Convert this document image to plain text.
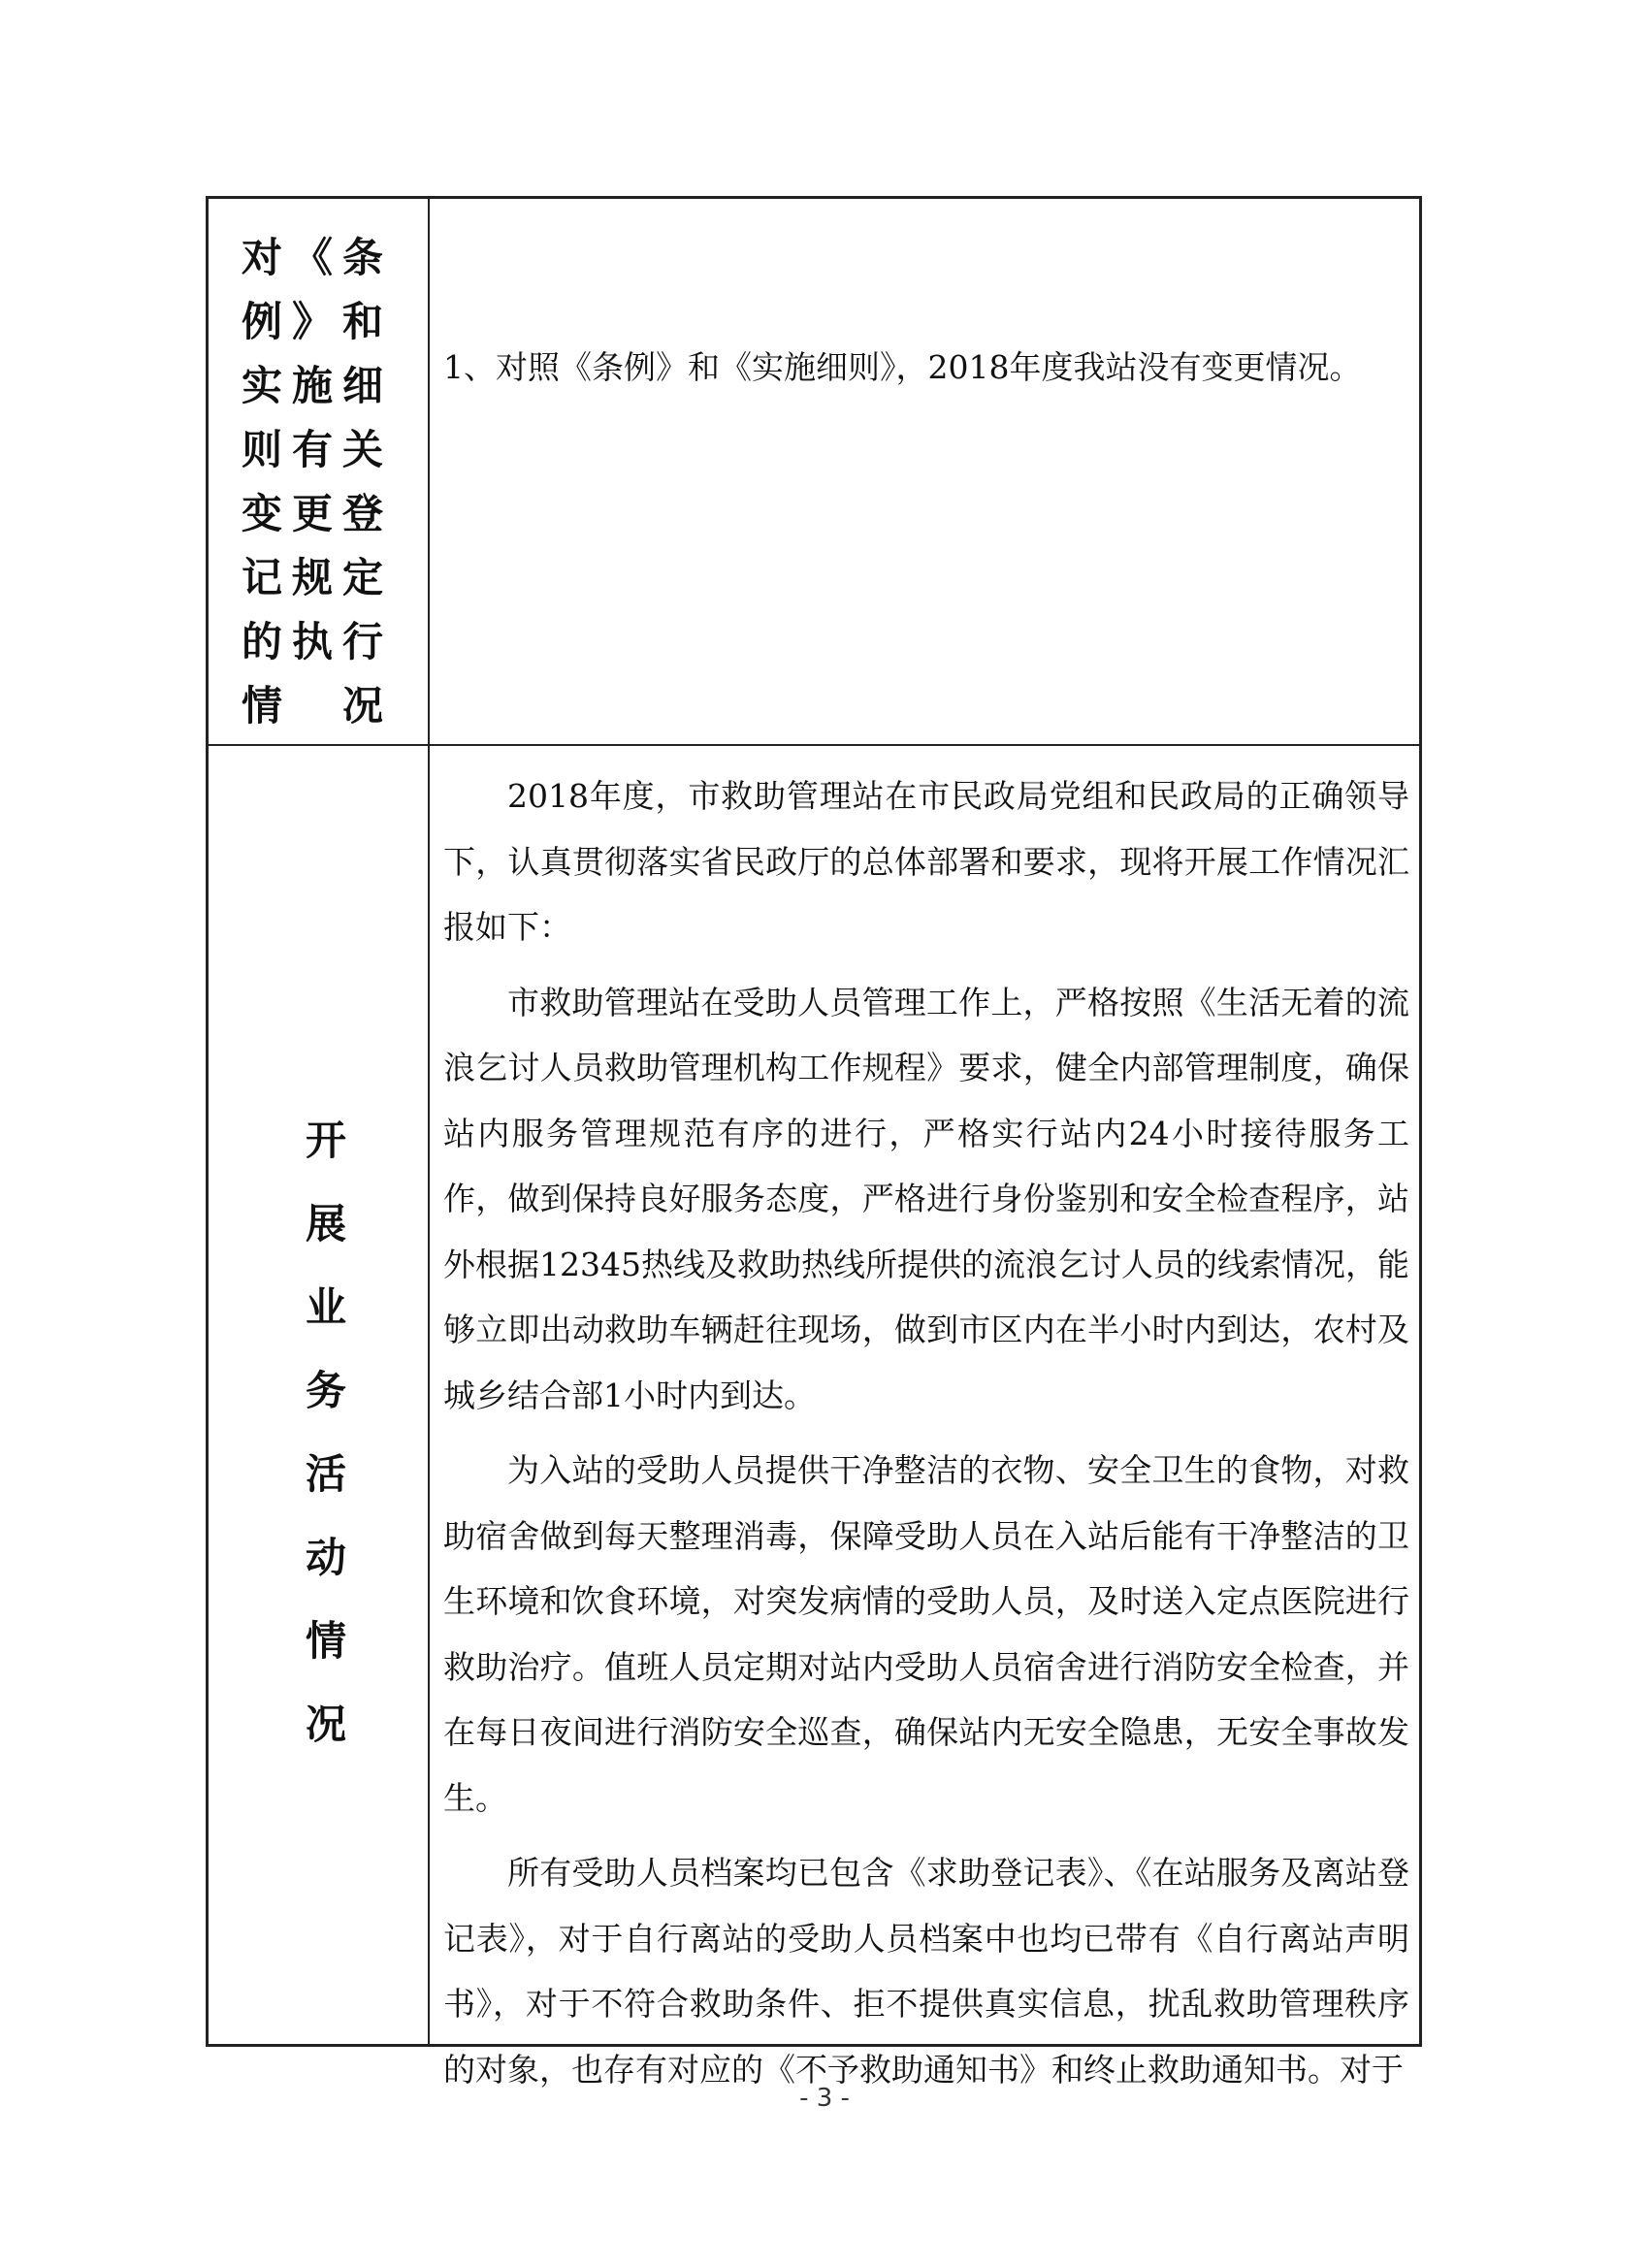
对《条
例》和
实施细
则有关
变更登
记规定
的执行
情　况
1、对照《条例》和《实施细则》，2018年度我站没有变更情况。
开
展
业
务
活
动
情
况

2018年度，市救助管理站在市民政局党组和民政局的正确领导下，认真贯彻落实省民政厅的总体部署和要求，现将开展工作情况汇报如下：

市救助管理站在受助人员管理工作上，严格按照《生活无着的流浪乞讨人员救助管理机构工作规程》要求，健全内部管理制度，确保站内服务管理规范有序的进行，严格实行站内24小时接待服务工作，做到保持良好服务态度，严格进行身份鉴别和安全检查程序，站外根据12345热线及救助热线所提供的流浪乞讨人员的线索情况，能够立即出动救助车辆赶往现场，做到市区内在半小时内到达，农村及城乡结合部1小时内到达。

为入站的受助人员提供干净整洁的衣物、安全卫生的食物，对救助宿舍做到每天整理消毒，保障受助人员在入站后能有干净整洁的卫生环境和饮食环境，对突发病情的受助人员，及时送入定点医院进行救助治疗。值班人员定期对站内受助人员宿舍进行消防安全检查，并在每日夜间进行消防安全巡查，确保站内无安全隐患，无安全事故发生。

所有受助人员档案均已包含《求助登记表》、《在站服务及离站登记表》，对于自行离站的受助人员档案中也均已带有《自行离站声明书》，对于不符合救助条件、拒不提供真实信息，扰乱救助管理秩序的对象，也存有对应的《不予救助通知书》和终止救助通知书。对于

- 3 -
